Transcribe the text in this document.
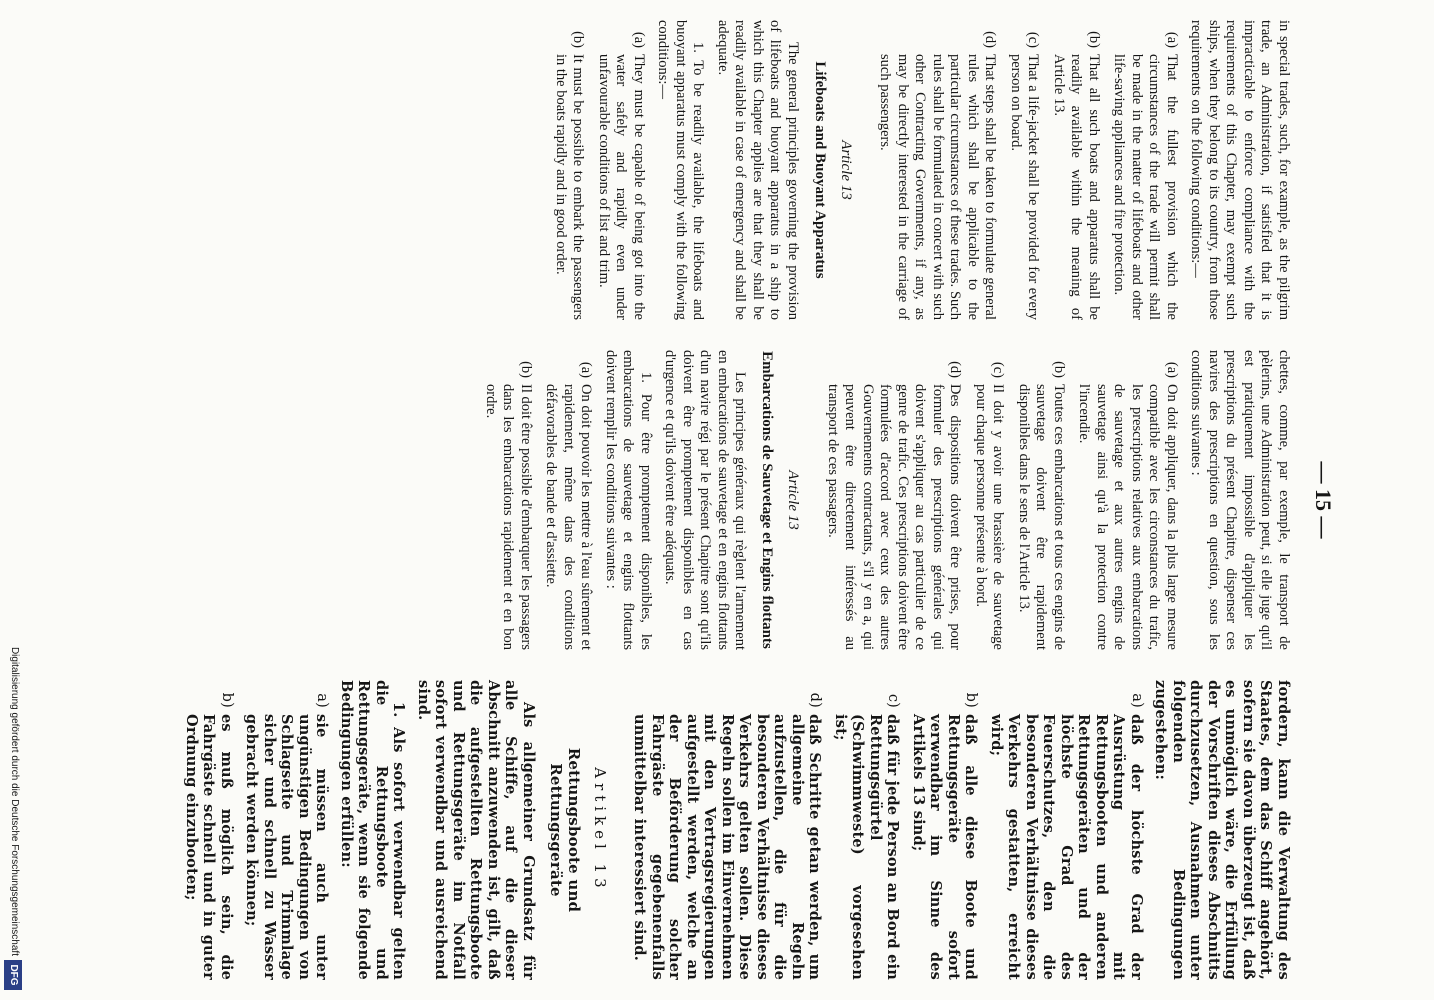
— 15 —

in special trades, such, for example, as the pilgrim trade, an Administration, if satisfied that it is impracticable to enforce compliance with the requirements of this Chapter, may exempt such ships, when they belong to its country, from those requirements on the following conditions:—

(a)
That the fullest provision which the circumstances of the trade will permit shall be made in the matter of lifeboats and other life-saving appliances and fire protection.
(b)
That all such boats and apparatus shall be readily available within the meaning of Article 13.
(c)
That a life-jacket shall be provided for every person on board.
(d)
That steps shall be taken to formulate general rules which shall be applicable to the particular circumstances of these trades. Such rules shall be formulated in concert with such other Contracting Governments, if any, as may be directly interested in the carriage of such passengers.
Article 13
Lifeboats and Buoyant Apparatus

The general principles governing the provision of lifeboats and buoyant apparatus in a ship to which this Chapter applies are that they shall be readily available in case of emergency and shall be adequate.

1. To be readily available, the lifeboats and buoyant apparatus must comply with the following conditions:—

(a)
They must be capable of being got into the water safely and rapidly even under unfavourable conditions of list and trim.
(b)
It must be possible to embark the passengers in the boats rapidly and in good order.

chettes, comme, par exemple, le transport de pèlerins, une Administration peut, si elle juge qu'il est pratiquement impossible d'appliquer les prescriptions du présent Chapitre, dispenser ces navires des prescriptions en question, sous les conditions suivantes :

(a)
On doit appliquer, dans la plus large mesure compatible avec les circonstances du trafic, les prescriptions relatives aux embarcations de sauvetage et aux autres engins de sauvetage ainsi qu'à la protection contre l'incendie.
(b)
Toutes ces embarcations et tous ces engins de sauvetage doivent être rapidement disponibles dans le sens de l'Article 13.
(c)
Il doit y avoir une brassière de sauvetage pour chaque personne présente à bord.
(d)
Des dispositions doivent être prises, pour formuler des prescriptions générales qui doivent s'appliquer au cas particulier de ce genre de trafic. Ces prescriptions doivent être formulées d'accord avec ceux des autres Gouvernements contractants, s'il y en a, qui peuvent être directement intéressés au transport de ces passagers.
Article 13
Embarcations de Sauvetage et Engins flottants

Les principes généraux qui règlent l'armement en embarcations de sauvetage et en engins flottants d'un navire régi par le présent Chapitre sont qu'ils doivent être promptement disponibles en cas d'urgence et qu'ils doivent être adéquats.

1. Pour être promptement disponibles, les embarcations de sauvetage et engins flottants doivent remplir les conditions suivantes :

(a)
On doit pouvoir les mettre à l'eau sûrement et rapidement, même dans des conditions défavorables de bande et d'assiette.
(b)
Il doit être possible d'embarquer les passagers dans les embarcations rapidement et en bon ordre.

fordern, kann die Verwaltung des Staates, dem das Schiff angehört, sofern sie davon überzeugt ist, daß es unmöglich wäre, die Erfüllung der Vorschriften dieses Abschnitts durchzusetzen, Ausnahmen unter folgenden Bedingungen zugestehen:

a)
daß der höchste Grad der Ausrüstung mit Rettungsbooten und anderen Rettungsgeräten und der höchste Grad des Feuerschutzes, den die besonderen Verhältnisse dieses Verkehrs gestatten, erreicht wird;
b)
daß alle diese Boote und Rettungsgeräte sofort verwendbar im Sinne des Artikels 13 sind;
c)
daß für jede Person an Bord ein Rettungsgürtel (Schwimmweste) vorgesehen ist;
d)
daß Schritte getan werden, um allgemeine Regeln aufzustellen, die für die besonderen Verhältnisse dieses Verkehrs gelten sollen. Diese Regeln sollen im Einvernehmen mit den Vertragsregierungen aufgestellt werden, welche an der Beförderung solcher Fahrgäste gegebenenfalls unmittelbar interessiert sind.
Artikel 13
Rettungsboote und Rettungsgeräte

Als allgemeiner Grundsatz für alle Schiffe, auf die dieser Abschnitt anzuwenden ist, gilt, daß die aufgestellten Rettungsboote und Rettungsgeräte im Notfall sofort verwendbar und ausreichend sind.

1. Als sofort verwendbar gelten die Rettungsboote und Rettungsgeräte, wenn sie folgende Bedingungen erfüllen:

a)
sie müssen auch unter ungünstigen Bedingungen von Schlagseite und Trimmlage sicher und schnell zu Wasser gebracht werden können;
b)
es muß möglich sein, die Fahrgäste schnell und in guter Ordnung einzubooten;
Digitalisierung gefördert durch die Deutsche Forschungsgemeinschaft
DFG
